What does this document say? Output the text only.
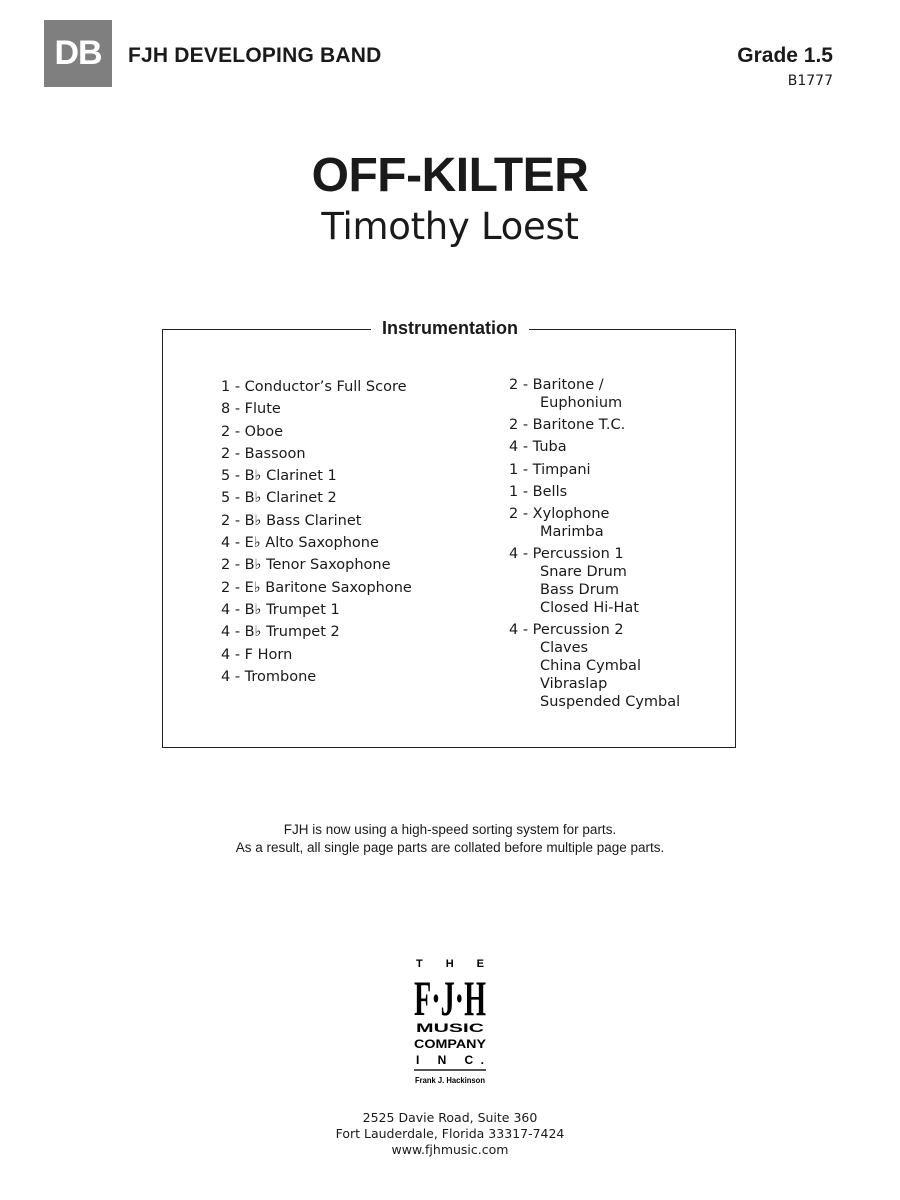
DB	FJH DEVELOPING BAND	Grade 1.5
B1777
OFF-KILTER
Timothy Loest
Instrumentation
1 - Conductor’s Full Score
8 - Flute
2 - Oboe
2 - Bassoon
5 - B♭ Clarinet 1
5 - B♭ Clarinet 2
2 - B♭ Bass Clarinet
4 - E♭ Alto Saxophone
2 - B♭ Tenor Saxophone
2 - E♭ Baritone Saxophone
4 - B♭ Trumpet 1
4 - B♭ Trumpet 2
4 - F Horn
4 - Trombone
2 - Baritone /
Euphonium
2 - Baritone T.C.
4 - Tuba
1 - Timpani
1 - Bells
2 - Xylophone
Marimba
4 - Percussion 1
Snare Drum
Bass Drum
Closed Hi-Hat
4 - Percussion 2
Claves
China Cymbal
Vibraslap
Suspended Cymbal
FJH is now using a high-speed sorting system for parts.
As a result, all single page parts are collated before multiple page parts.
T H E
F·J·H
MUSIC
COMPANY
I N C.
Frank J. Hackinson
2525 Davie Road, Suite 360
Fort Lauderdale, Florida 33317-7424
www.fjhmusic.com
